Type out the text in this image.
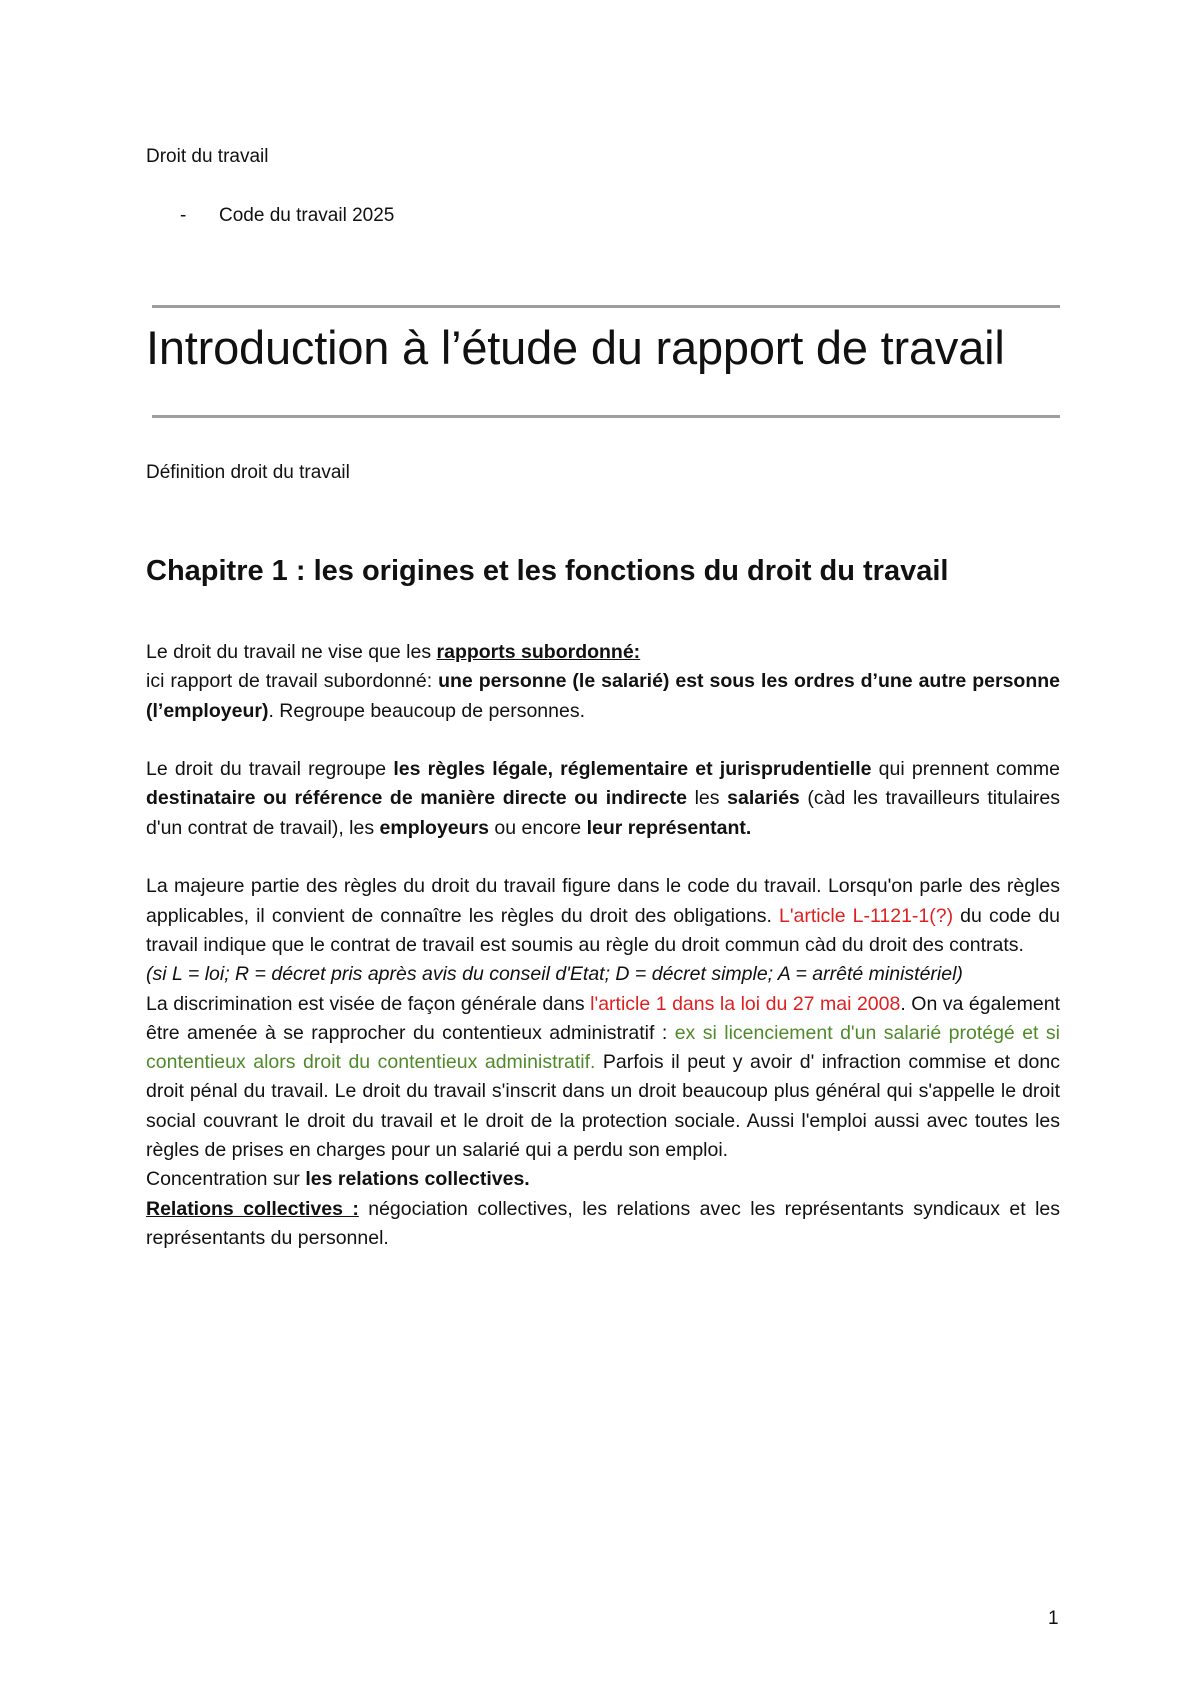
Droit du travail
-	Code du travail 2025
Introduction à l’étude du rapport de travail
Définition droit du travail
Chapitre 1 : les origines et les fonctions du droit du travail

Le droit du travail ne vise que les rapports subordonné:

ici rapport de travail subordonné: une personne (le salarié) est sous les ordres d’une autre personne (l’employeur). Regroupe beaucoup de personnes.

Le droit du travail regroupe les règles légale, réglementaire et jurisprudentielle qui prennent comme destinataire ou référence de manière directe ou indirecte les salariés (càd les travailleurs titulaires d'un contrat de travail), les employeurs ou encore leur représentant.

La majeure partie des règles du droit du travail figure dans le code du travail. Lorsqu'on parle des règles applicables, il convient de connaître les règles du droit des obligations. L'article L-1121-1(?) du code du travail indique que le contrat de travail est soumis au règle du droit commun càd du droit des contrats.

(si L = loi; R = décret pris après avis du conseil d'Etat; D = décret simple; A = arrêté ministériel)

La discrimination est visée de façon générale dans l'article 1 dans la loi du 27 mai 2008. On va également être amenée à se rapprocher du contentieux administratif : ex si licenciement d'un salarié protégé et si contentieux alors droit du contentieux administratif. Parfois il peut y avoir d' infraction commise et donc droit pénal du travail. Le droit du travail s'inscrit dans un droit beaucoup plus général qui s'appelle le droit social couvrant le droit du travail et le droit de la protection sociale. Aussi l'emploi aussi avec toutes les règles de prises en charges pour un salarié qui a perdu son emploi.

Concentration sur les relations collectives.

Relations collectives : négociation collectives, les relations avec les représentants syndicaux et les représentants du personnel.

1
